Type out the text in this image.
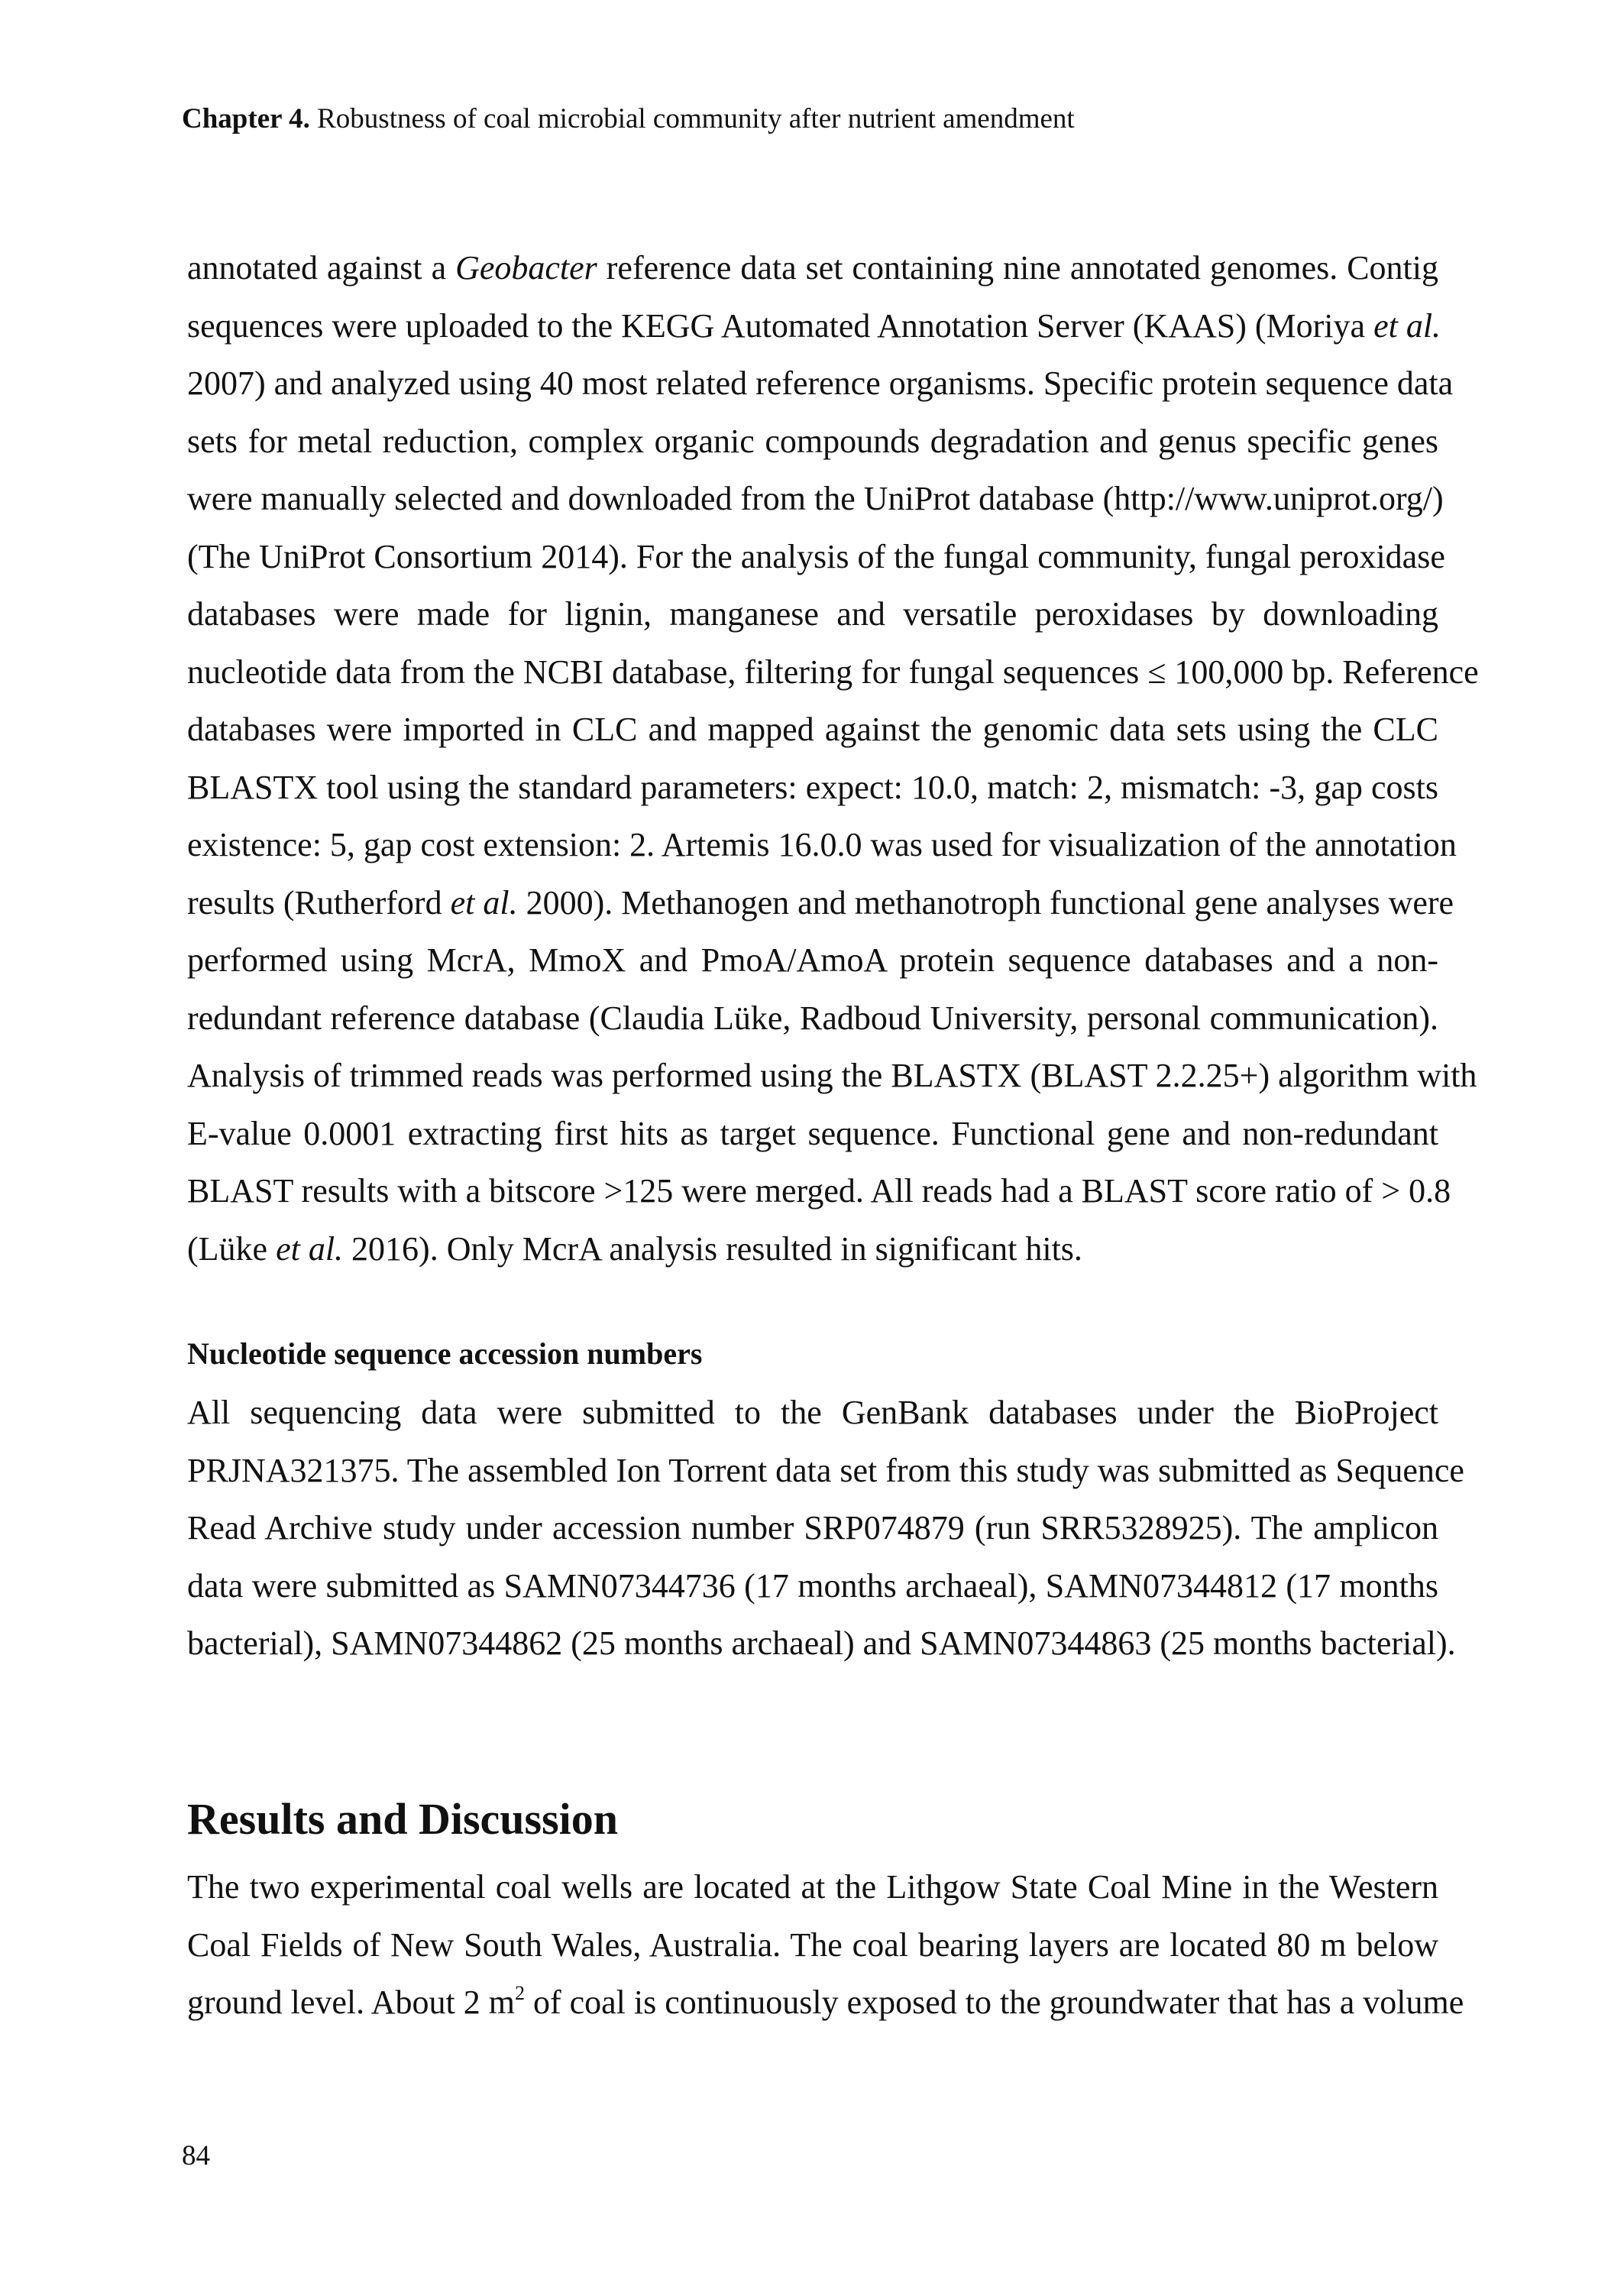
Chapter 4. Robustness of coal microbial community after nutrient amendment
annotated against a Geobacter reference data set containing nine annotated genomes. Contig
sequences were uploaded to the KEGG Automated Annotation Server (KAAS) (Moriya et al.
2007) and analyzed using 40 most related reference organisms. Specific protein sequence data
sets for metal reduction, complex organic compounds degradation and genus specific genes
were manually selected and downloaded from the UniProt database (http://www.uniprot.org/)
(The UniProt Consortium 2014). For the analysis of the fungal community, fungal peroxidase
databases were made for lignin, manganese and versatile peroxidases by downloading
nucleotide data from the NCBI database, filtering for fungal sequences ≤ 100,000 bp. Reference
databases were imported in CLC and mapped against the genomic data sets using the CLC
BLASTX tool using the standard parameters: expect: 10.0, match: 2, mismatch: -3, gap costs
existence: 5, gap cost extension: 2. Artemis 16.0.0 was used for visualization of the annotation
results (Rutherford et al. 2000). Methanogen and methanotroph functional gene analyses were
performed using McrA, MmoX and PmoA/AmoA protein sequence databases and a non-
redundant reference database (Claudia Lüke, Radboud University, personal communication).
Analysis of trimmed reads was performed using the BLASTX (BLAST 2.2.25+) algorithm with
E-value 0.0001 extracting first hits as target sequence. Functional gene and non-redundant
BLAST results with a bitscore >125 were merged. All reads had a BLAST score ratio of > 0.8
(Lüke et al. 2016). Only McrA analysis resulted in significant hits.
Nucleotide sequence accession numbers
All sequencing data were submitted to the GenBank databases under the BioProject
PRJNA321375. The assembled Ion Torrent data set from this study was submitted as Sequence
Read Archive study under accession number SRP074879 (run SRR5328925). The amplicon
data were submitted as SAMN07344736 (17 months archaeal), SAMN07344812 (17 months
bacterial), SAMN07344862 (25 months archaeal) and SAMN07344863 (25 months bacterial).
Results and Discussion
The two experimental coal wells are located at the Lithgow State Coal Mine in the Western
Coal Fields of New South Wales, Australia. The coal bearing layers are located 80 m below
ground level. About 2 $m^2$ of coal is continuously exposed to the groundwater that has a volume
84
